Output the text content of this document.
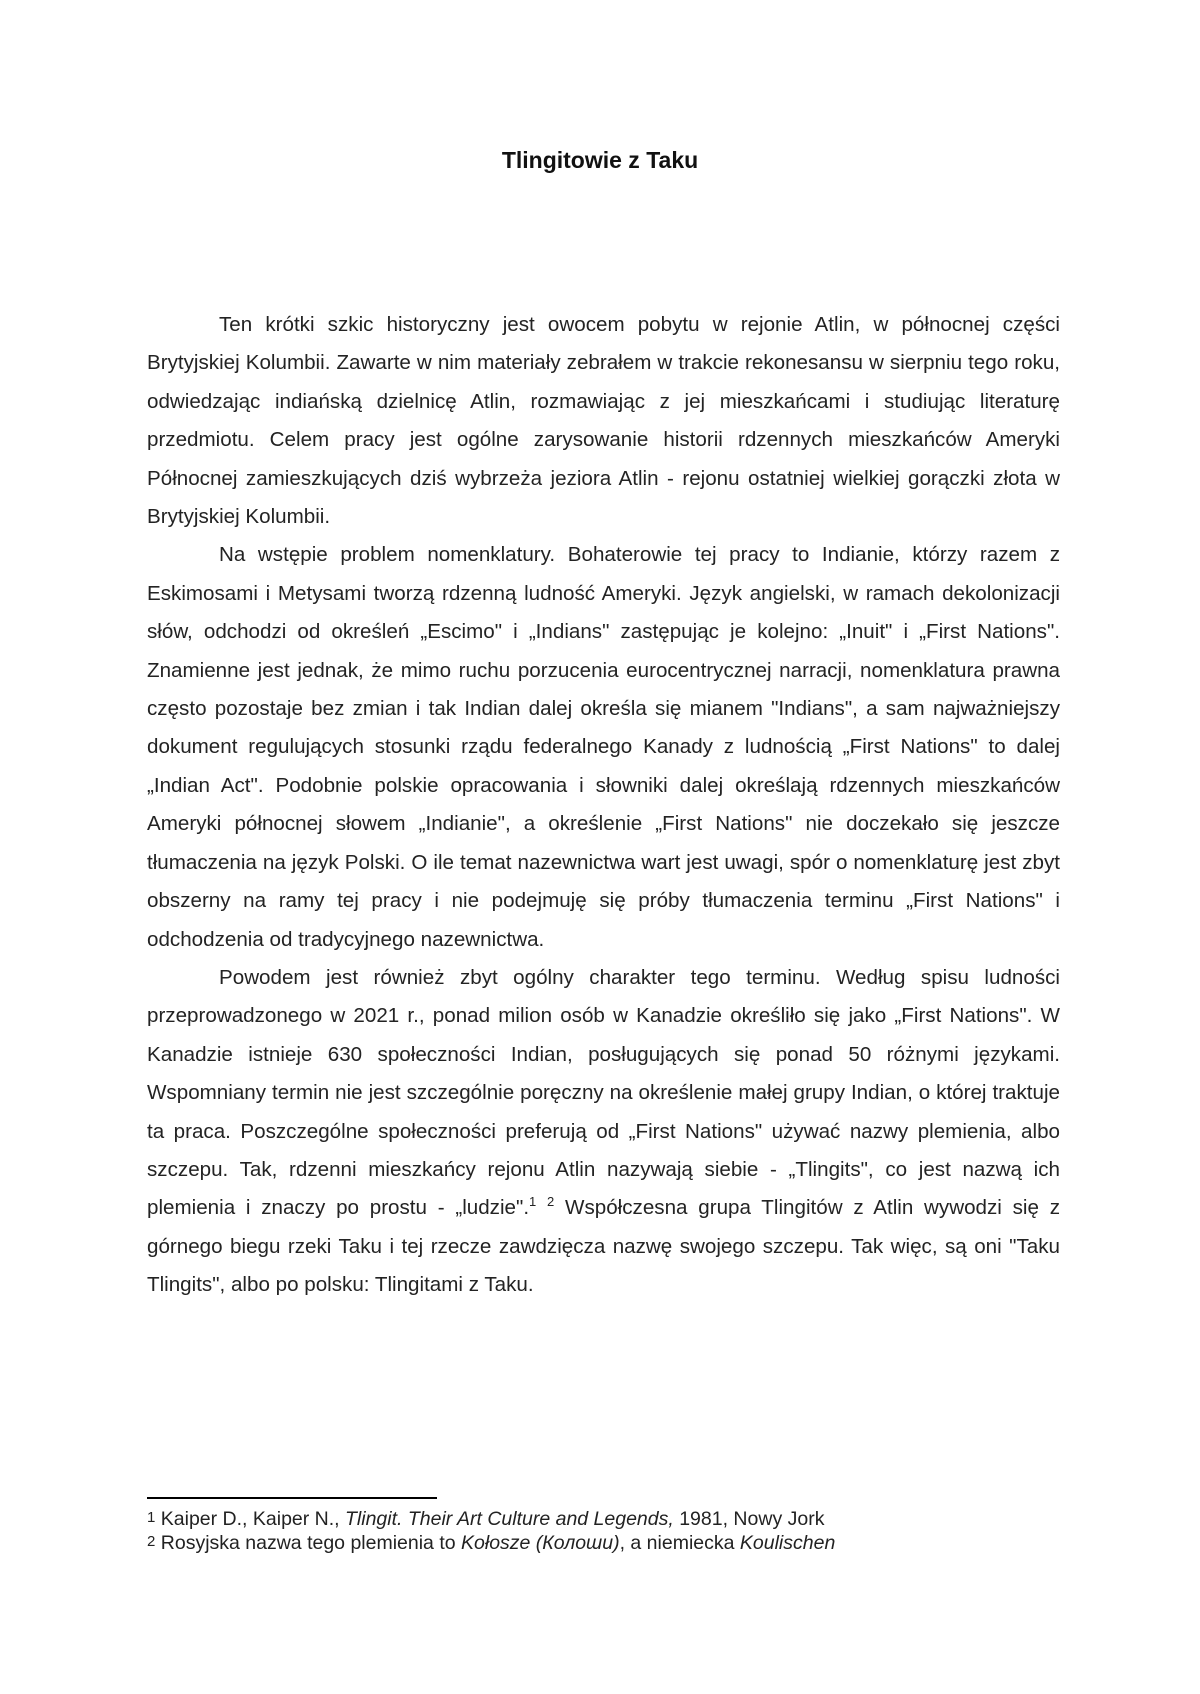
Tlingitowie z Taku

Ten krótki szkic historyczny jest owocem pobytu w rejonie Atlin, w północnej części Brytyjskiej Kolumbii. Zawarte w nim materiały zebrałem w trakcie rekonesansu w sierpniu tego roku, odwiedzając indiańską dzielnicę Atlin, rozmawiając z jej mieszkańcami i studiując literaturę przedmiotu. Celem pracy jest ogólne zarysowanie historii rdzennych mieszkańców Ameryki Północnej zamieszkujących dziś wybrzeża jeziora Atlin - rejonu ostatniej wielkiej gorączki złota w Brytyjskiej Kolumbii.

Na wstępie problem nomenklatury. Bohaterowie tej pracy to Indianie, którzy razem z Eskimosami i Metysami tworzą rdzenną ludność Ameryki. Język angielski, w ramach dekolonizacji słów, odchodzi od określeń „Escimo" i „Indians" zastępując je kolejno: „Inuit" i „First Nations". Znamienne jest jednak, że mimo ruchu porzucenia eurocentrycznej narracji, nomenklatura prawna często pozostaje bez zmian i tak Indian dalej określa się mianem "Indians", a sam najważniejszy dokument regulujących stosunki rządu federalnego Kanady z ludnością „First Nations" to dalej „Indian Act". Podobnie polskie opracowania i słowniki dalej określają rdzennych mieszkańców Ameryki północnej słowem „Indianie", a określenie „First Nations" nie doczekało się jeszcze tłumaczenia na język Polski. O ile temat nazewnictwa wart jest uwagi, spór o nomenklaturę jest zbyt obszerny na ramy tej pracy i nie podejmuję się próby tłumaczenia terminu „First Nations" i odchodzenia od tradycyjnego nazewnictwa.

Powodem jest również zbyt ogólny charakter tego terminu. Według spisu ludności przeprowadzonego w 2021 r., ponad milion osób w Kanadzie określiło się jako „First Nations". W Kanadzie istnieje 630 społeczności Indian, posługujących się ponad 50 różnymi językami. Wspomniany termin nie jest szczególnie poręczny na określenie małej grupy Indian, o której traktuje ta praca. Poszczególne społeczności preferują od „First Nations" używać nazwy plemienia, albo szczepu. Tak, rdzenni mieszkańcy rejonu Atlin nazywają siebie - „Tlingits", co jest nazwą ich plemienia i znaczy po prostu - „ludzie".$^1$ $^2$ Współczesna grupa Tlingitów z Atlin wywodzi się z górnego biegu rzeki Taku i tej rzecze zawdzięcza nazwę swojego szczepu. Tak więc, są oni "Taku Tlingits", albo po polsku: Tlingitami z Taku.

1 Kaiper D., Kaiper N., Tlingit. Their Art Culture and Legends, 1981, Nowy Jork

2 Rosyjska nazwa tego plemienia to Kołosze (Колошu), a niemiecka Koulischen
